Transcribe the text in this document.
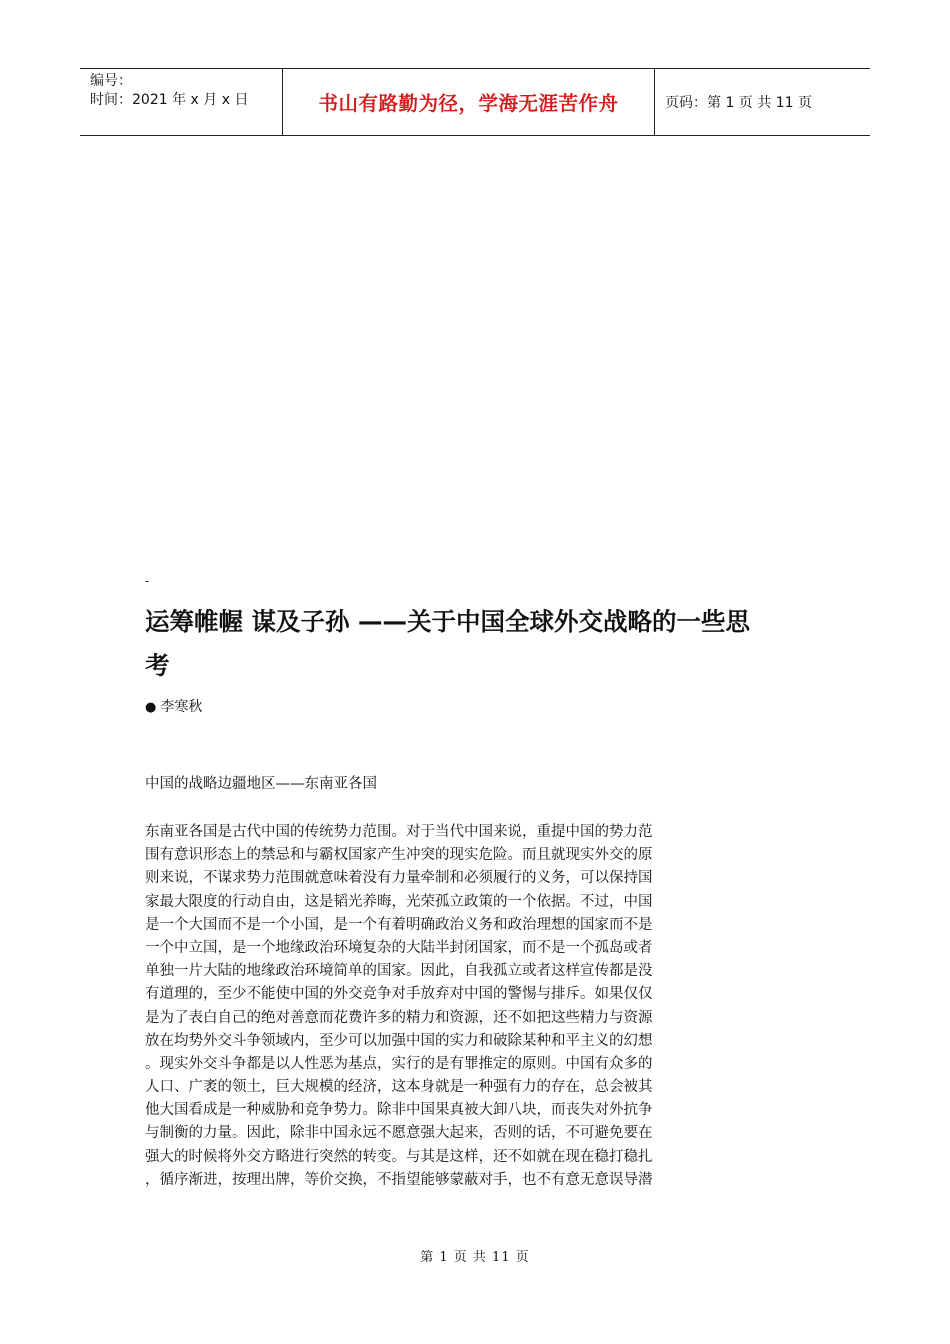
编号：
时间：2021 年 x 月 x 日	书山有路勤为径，学海无涯苦作舟	页码：第 1 页 共 11 页
-
运筹帷幄 谋及子孙 ——关于中国全球外交战略的一些思
考
● 李寒秋
中国的战略边疆地区——东南亚各国
东南亚各国是古代中国的传统势力范围。对于当代中国来说，重提中国的势力范
围有意识形态上的禁忌和与霸权国家产生冲突的现实危险。而且就现实外交的原
则来说，不谋求势力范围就意味着没有力量牵制和必须履行的义务，可以保持国
家最大限度的行动自由，这是韬光养晦，光荣孤立政策的一个依据。不过，中国
是一个大国而不是一个小国，是一个有着明确政治义务和政治理想的国家而不是
一个中立国，是一个地缘政治环境复杂的大陆半封闭国家，而不是一个孤岛或者
单独一片大陆的地缘政治环境简单的国家。因此，自我孤立或者这样宣传都是没
有道理的，至少不能使中国的外交竞争对手放弃对中国的警惕与排斥。如果仅仅
是为了表白自己的绝对善意而花费许多的精力和资源，还不如把这些精力与资源
放在均势外交斗争领域内，至少可以加强中国的实力和破除某种和平主义的幻想
。现实外交斗争都是以人性恶为基点，实行的是有罪推定的原则。中国有众多的
人口、广袤的领土，巨大规模的经济，这本身就是一种强有力的存在，总会被其
他大国看成是一种威胁和竞争势力。除非中国果真被大卸八块，而丧失对外抗争
与制衡的力量。因此，除非中国永远不愿意强大起来，否则的话，不可避免要在
强大的时候将外交方略进行突然的转变。与其是这样，还不如就在现在稳打稳扎
，循序渐进，按理出牌，等价交换，不指望能够蒙蔽对手，也不有意无意误导潜
第 1 页 共 11 页
